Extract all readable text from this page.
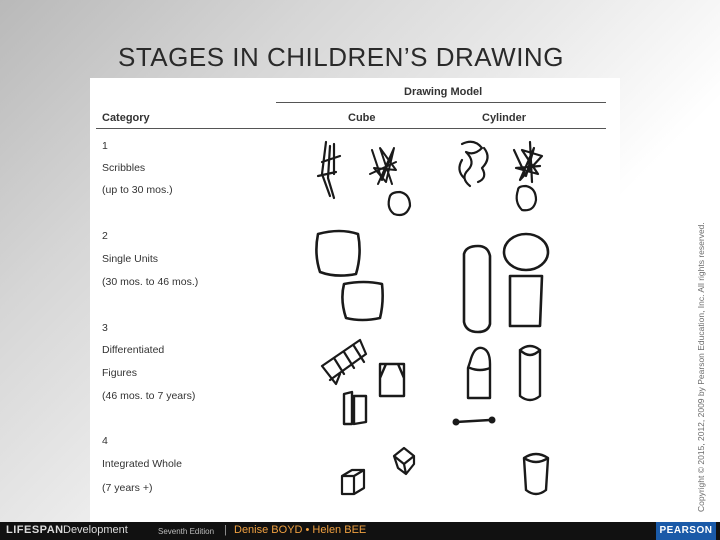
STAGES IN CHILDREN’S DRAWING
Drawing Model
Category	Cube	Cylinder
1
Scribbles
(up to 30 mos.)
2
Single Units
(30 mos. to 46 mos.)
3
Differentiated
Figures
(46 mos. to 7 years)
4
Integrated Whole
(7 years +)	Copyright © 2015, 2012, 2009 by Pearson Education, Inc. All rights reserved.
LIFESPAN Development	Seventh Edition | Denise BOYD • Helen BEE	PEARSON
